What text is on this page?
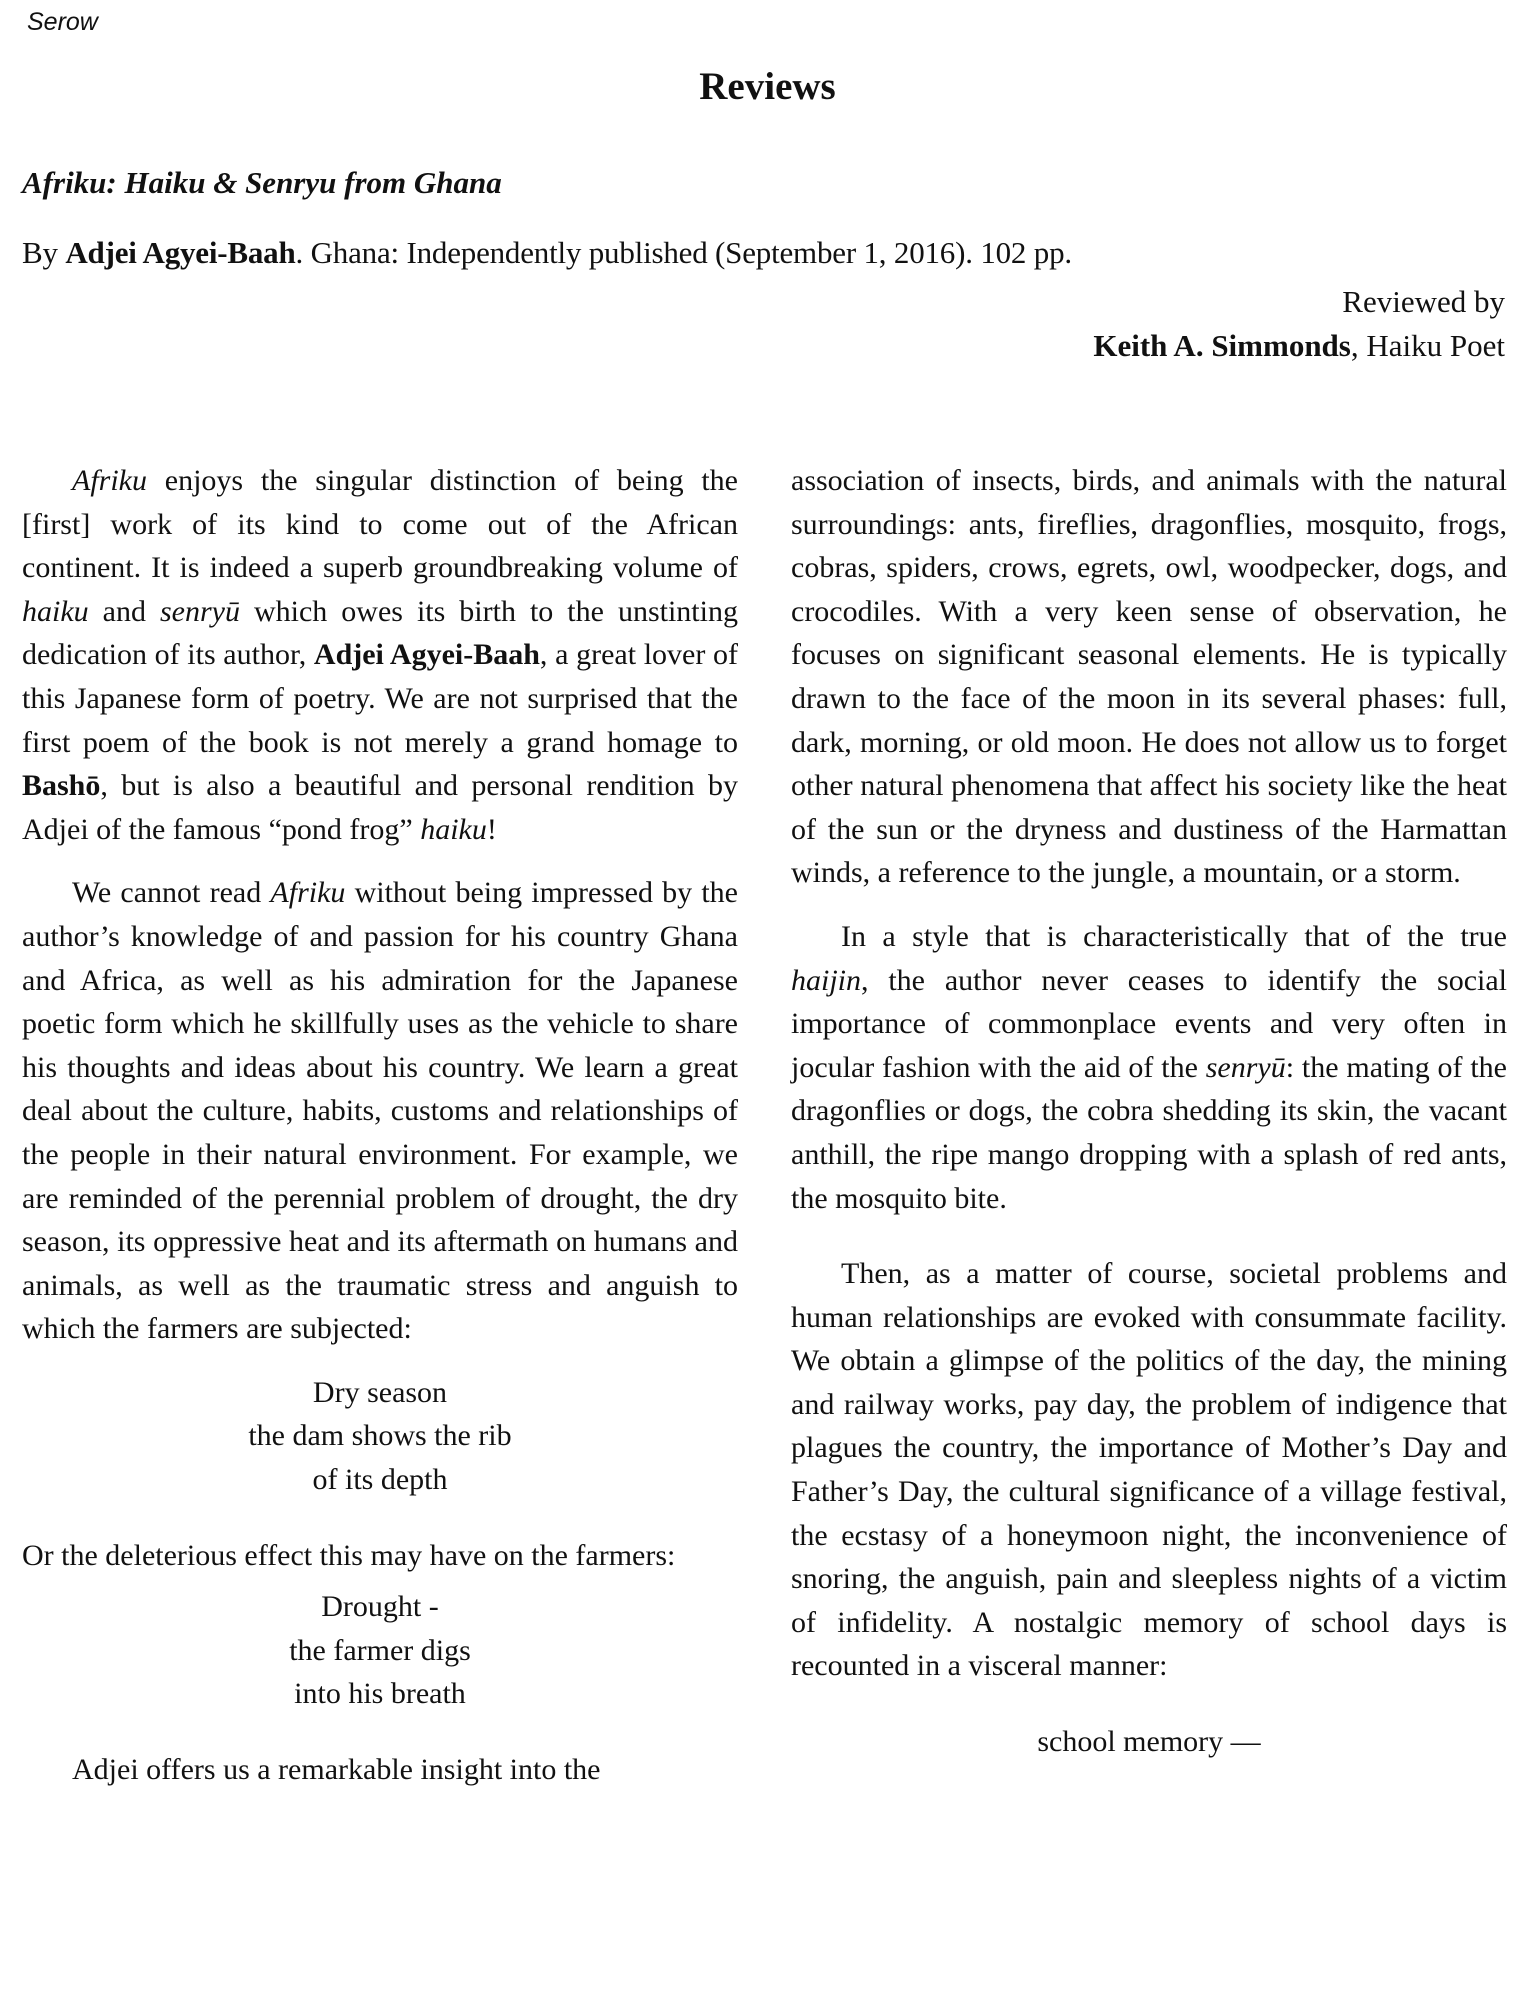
Serow
Reviews
Afriku: Haiku & Senryu from Ghana
By Adjei Agyei-Baah. Ghana: Independently published (September 1, 2016). 102 pp.
Reviewed by
Keith A. Simmonds, Haiku Poet

Afriku enjoys the singular distinction of being the [first] work of its kind to come out of the African continent. It is indeed a superb groundbreaking volume of haiku and senryū which owes its birth to the unstinting dedication of its author, Adjei Agyei-Baah, a great lover of this Japanese form of poetry. We are not surprised that the first poem of the book is not merely a grand homage to Bashō, but is also a beautiful and personal rendition by Adjei of the famous “pond frog” haiku!

We cannot read Afriku without being impressed by the author’s knowledge of and passion for his country Ghana and Africa, as well as his admiration for the Japanese poetic form which he skillfully uses as the vehicle to share his thoughts and ideas about his country. We learn a great deal about the culture, habits, customs and relationships of the people in their natural environment. For example, we are reminded of the perennial problem of drought, the dry season, its oppressive heat and its aftermath on humans and animals, as well as the traumatic stress and anguish to which the farmers are subjected:

Dry season
the dam shows the rib
of its depth

Or the deleterious effect this may have on the farmers:

Drought -
the farmer digs
into his breath

Adjei offers us a remarkable insight into the

association of insects, birds, and animals with the natural surroundings: ants, fireflies, dragonflies, mosquito, frogs, cobras, spiders, crows, egrets, owl, woodpecker, dogs, and crocodiles. With a very keen sense of observation, he focuses on significant seasonal elements. He is typically drawn to the face of the moon in its several phases: full, dark, morning, or old moon. He does not allow us to forget other natural phenomena that affect his society like the heat of the sun or the dryness and dustiness of the Harmattan winds, a reference to the jungle, a mountain, or a storm.

In a style that is characteristically that of the true haijin, the author never ceases to identify the social importance of commonplace events and very often in jocular fashion with the aid of the senryū: the mating of the dragonflies or dogs, the cobra shedding its skin, the vacant anthill, the ripe mango dropping with a splash of red ants, the mosquito bite.

Then, as a matter of course, societal problems and human relationships are evoked with consummate facility. We obtain a glimpse of the politics of the day, the mining and railway works, pay day, the problem of indigence that plagues the country, the importance of Mother’s Day and Father’s Day, the cultural significance of a village festival, the ecstasy of a honeymoon night, the inconvenience of snoring, the anguish, pain and sleepless nights of a victim of infidelity. A nostalgic memory of school days is recounted in a visceral manner:

school memory —
